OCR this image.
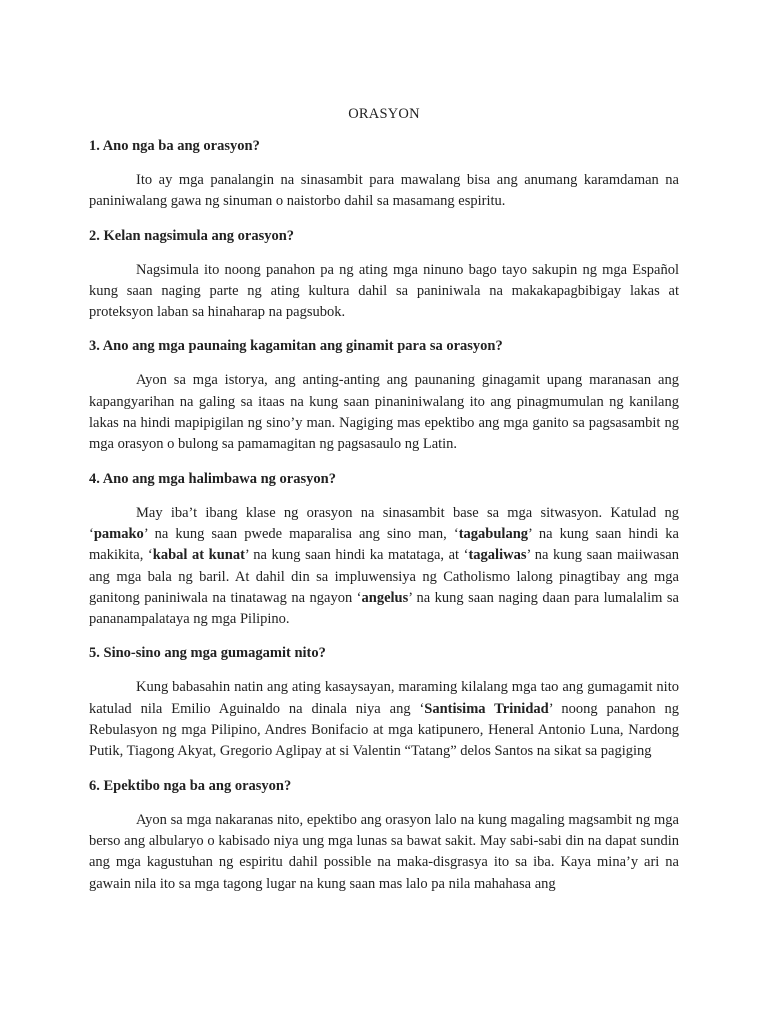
ORASYON
1. Ano nga ba ang orasyon?

Ito ay mga panalangin na sinasambit para mawalang bisa ang anumang karamdaman na paniniwalang gawa ng sinuman o naistorbo dahil sa masamang espiritu.

2. Kelan nagsimula ang orasyon?

Nagsimula ito noong panahon pa ng ating mga ninuno bago tayo sakupin ng mga Español kung saan naging parte ng ating kultura dahil sa paniniwala na makakapagbibigay lakas at proteksyon laban sa hinaharap na pagsubok.

3. Ano ang mga paunaing kagamitan ang ginamit para sa orasyon?

Ayon sa mga istorya, ang anting-anting ang paunaning ginagamit upang maranasan ang kapangyarihan na galing sa itaas na kung saan pinaniniwalang ito ang pinagmumulan ng kanilang lakas na hindi mapipigilan ng sino’y man. Nagiging mas epektibo ang mga ganito sa pagsasambit ng mga orasyon o bulong sa pamamagitan ng pagsasaulo ng Latin.

4. Ano ang mga halimbawa ng orasyon?

May iba’t ibang klase ng orasyon na sinasambit base sa mga sitwasyon. Katulad ng ‘pamako’ na kung saan pwede maparalisa ang sino man, ‘tagabulang’ na kung saan hindi ka makikita, ‘kabal at kunat’ na kung saan hindi ka matataga, at ‘tagaliwas’ na kung saan maiiwasan ang mga bala ng baril. At dahil din sa impluwensiya ng Catholismo lalong pinagtibay ang mga ganitong paniniwala na tinatawag na ngayon ‘angelus’ na kung saan naging daan para lumalalim sa pananampalataya ng mga Pilipino.

5. Sino-sino ang mga gumagamit nito?

Kung babasahin natin ang ating kasaysayan, maraming kilalang mga tao ang gumagamit nito katulad nila Emilio Aguinaldo na dinala niya ang ‘Santisima Trinidad’ noong panahon ng Rebulasyon ng mga Pilipino, Andres Bonifacio at mga katipunero, Heneral Antonio Luna, Nardong Putik, Tiagong Akyat, Gregorio Aglipay at si Valentin “Tatang” delos Santos na sikat sa pagiging

6. Epektibo nga ba ang orasyon?

Ayon sa mga nakaranas nito, epektibo ang orasyon lalo na kung magaling magsambit ng mga berso ang albularyo o kabisado niya ung mga lunas sa bawat sakit. May sabi-sabi din na dapat sundin ang mga kagustuhan ng espiritu dahil possible na maka-disgrasya ito sa iba. Kaya mina’y ari na gawain nila ito sa mga tagong lugar na kung saan mas lalo pa nila mahahasa ang
